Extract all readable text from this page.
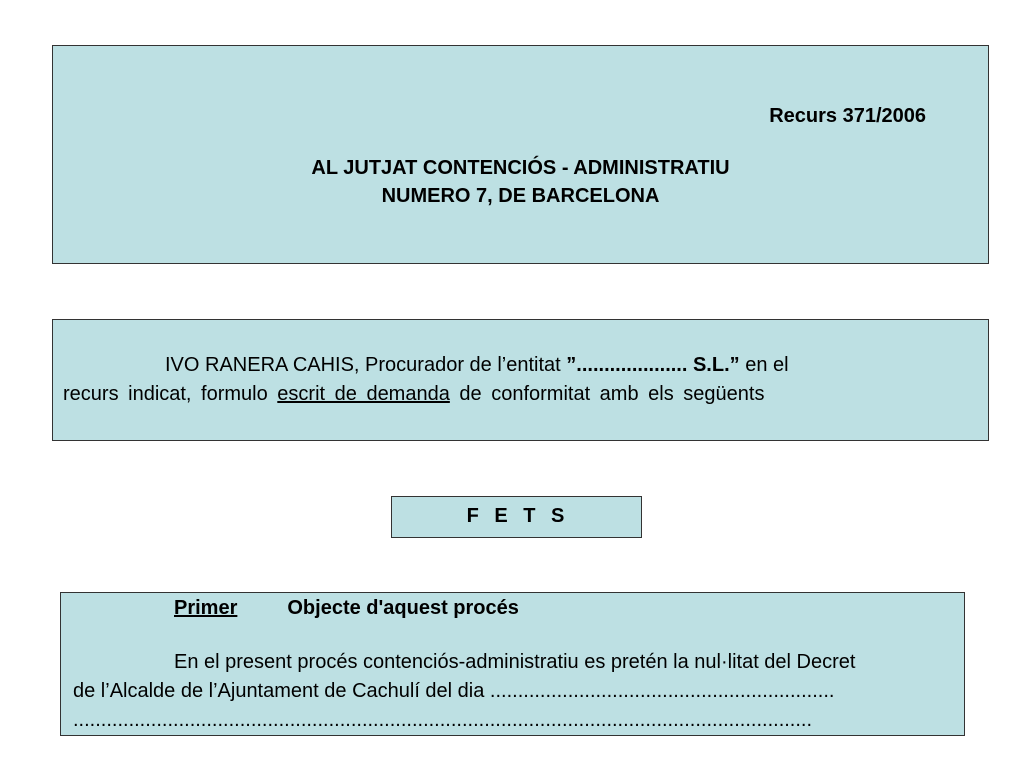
Recurs 371/2006
AL JUTJAT CONTENCIÓS - ADMINISTRATIU
NUMERO 7, DE BARCELONA
IVO RANERA CAHIS, Procurador de l’entitat ”.................... S.L.” en el
recurs indicat, formulo escrit de demanda de conformitat amb els següents
F E T S
Primer	Objecte d'aquest procés
En el present procés contenciós-administratiu es pretén la nul·litat del Decret
de l’Alcalde de l’Ajuntament de Cachulí del dia ..............................................................
.....................................................................................................................................
